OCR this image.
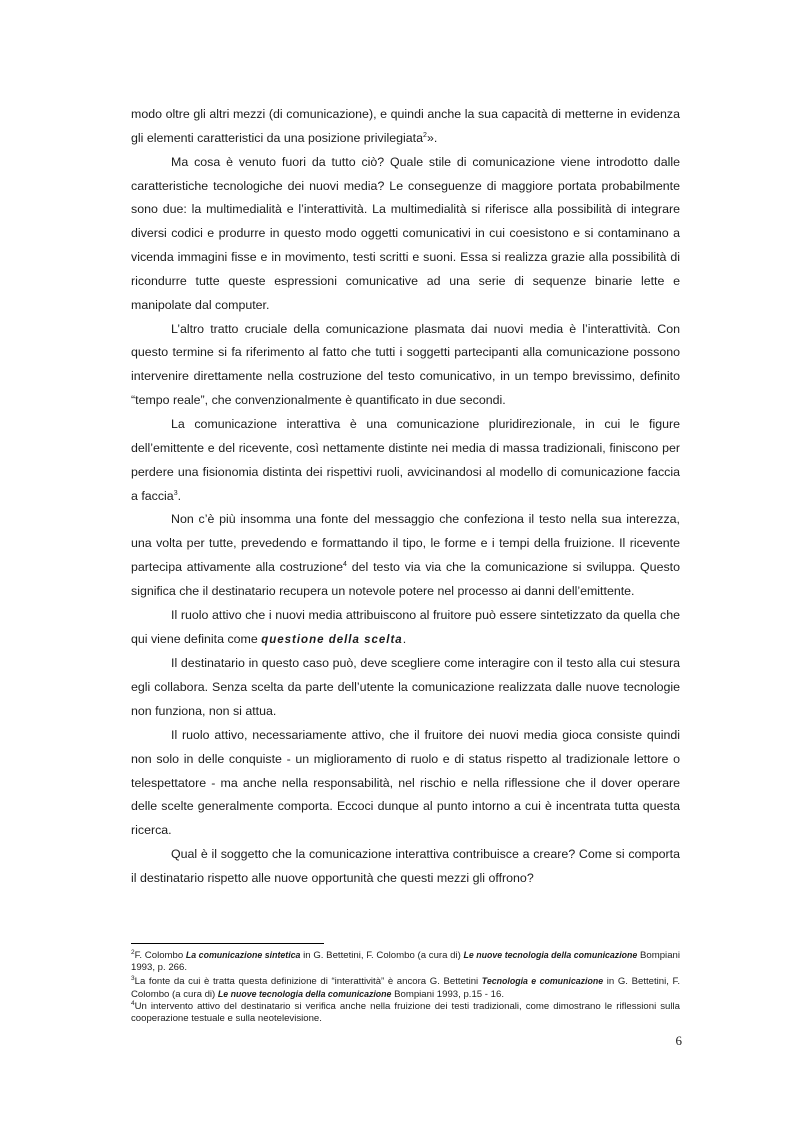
modo oltre gli altri mezzi (di comunicazione), e quindi anche la sua capacità di metterne in evidenza gli elementi caratteristici da una posizione privilegiata$^2$».

Ma cosa è venuto fuori da tutto ciò? Quale stile di comunicazione viene introdotto dalle caratteristiche tecnologiche dei nuovi media? Le conseguenze di maggiore portata probabilmente sono due: la multimedialità e l’interattività. La multimedialità si riferisce alla possibilità di integrare diversi codici e produrre in questo modo oggetti comunicativi in cui coesistono e si contaminano a vicenda immagini fisse e in movimento, testi scritti e suoni. Essa si realizza grazie alla possibilità di ricondurre tutte queste espressioni comunicative ad una serie di sequenze binarie lette e manipolate dal computer.

L’altro tratto cruciale della comunicazione plasmata dai nuovi media è l’interattività. Con questo termine si fa riferimento al fatto che tutti i soggetti partecipanti alla comunicazione possono intervenire direttamente nella costruzione del testo comunicativo, in un tempo brevissimo, definito “tempo reale”, che convenzionalmente è quantificato in due secondi.

La comunicazione interattiva è una comunicazione pluridirezionale, in cui le figure dell’emittente e del ricevente, così nettamente distinte nei media di massa tradizionali, finiscono per perdere una fisionomia distinta dei rispettivi ruoli, avvicinandosi al modello di comunicazione faccia a faccia$^3$.

Non c’è più insomma una fonte del messaggio che confeziona il testo nella sua interezza, una volta per tutte, prevedendo e formattando il tipo, le forme e i tempi della fruizione. Il ricevente partecipa attivamente alla costruzione$^4$ del testo via via che la comunicazione si sviluppa. Questo significa che il destinatario recupera un notevole potere nel processo ai danni dell’emittente.

Il ruolo attivo che i nuovi media attribuiscono al fruitore può essere sintetizzato da quella che qui viene definita come questione della scelta.

Il destinatario in questo caso può, deve scegliere come interagire con il testo alla cui stesura egli collabora. Senza scelta da parte dell’utente la comunicazione realizzata dalle nuove tecnologie non funziona, non si attua.

Il ruolo attivo, necessariamente attivo, che il fruitore dei nuovi media gioca consiste quindi non solo in delle conquiste - un miglioramento di ruolo e di status rispetto al tradizionale lettore o telespettatore - ma anche nella responsabilità, nel rischio e nella riflessione che il dover operare delle scelte generalmente comporta. Eccoci dunque al punto intorno a cui è incentrata tutta questa ricerca.

Qual è il soggetto che la comunicazione interattiva contribuisce a creare? Come si comporta il destinatario rispetto alle nuove opportunità che questi mezzi gli offrono?

$^2$F. Colombo La comunicazione sintetica in G. Bettetini, F. Colombo (a cura di) Le nuove tecnologia della comunicazione Bompiani 1993, p. 266.

$^3$La fonte da cui è tratta questa definizione di “interattività” è ancora G. Bettetini Tecnologia e comunicazione in G. Bettetini, F. Colombo (a cura di) Le nuove tecnologia della comunicazione Bompiani 1993, p.15 - 16.

$^4$Un intervento attivo del destinatario si verifica anche nella fruizione dei testi tradizionali, come dimostrano le riflessioni sulla cooperazione testuale e sulla neotelevisione.

6
